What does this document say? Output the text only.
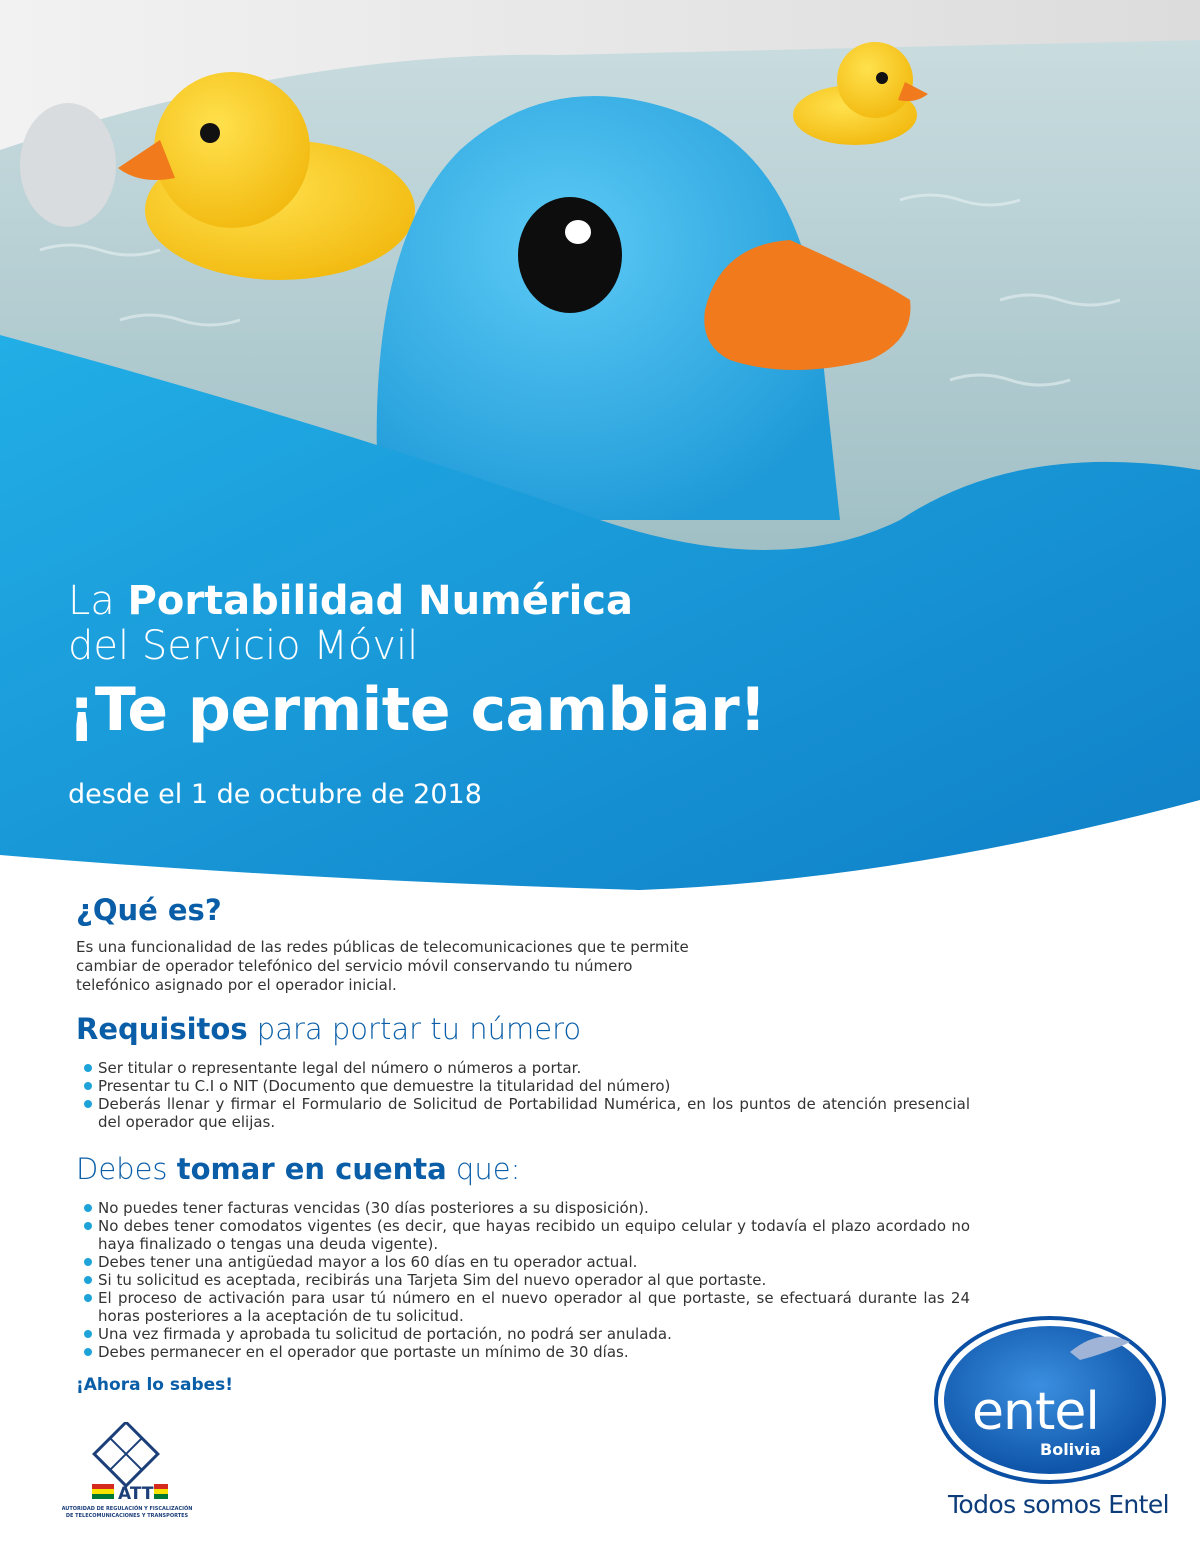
La Portabilidad Numérica
del Servicio Móvil
¡Te permite cambiar!
desde el 1 de octubre de 2018
¿Qué es?

Es una funcionalidad de las redes públicas de telecomunicaciones que te permite cambiar de operador telefónico del servicio móvil conservando tu número telefónico asignado por el operador inicial.

Requisitos para portar tu número
Ser titular o representante legal del número o números a portar.
Presentar tu C.I o NIT (Documento que demuestre la titularidad del número)
Deberás llenar y firmar el Formulario de Solicitud de Portabilidad Numérica, en los puntos de atención presencial del operador que elijas.
Debes tomar en cuenta que:
No puedes tener facturas vencidas (30 días posteriores a su disposición).
No debes tener comodatos vigentes (es decir, que hayas recibido un equipo celular y todavía el plazo acordado no haya finalizado o tengas una deuda vigente).
Debes tener una antigüedad mayor a los 60 días en tu operador actual.
Si tu solicitud es aceptada, recibirás una Tarjeta Sim del nuevo operador al que portaste.
El proceso de activación para usar tú número en el nuevo operador al que portaste, se efectuará durante las 24 horas posteriores a la aceptación de tu solicitud.
Una vez firmada y aprobada tu solicitud de portación, no podrá ser anulada.
Debes permanecer en el operador que portaste un mínimo de 30 días.
¡Ahora lo sabes!
ATT
AUTORIDAD DE REGULACIÓN Y FISCALIZACIÓN
DE TELECOMUNICACIONES Y TRANSPORTES
entel
Bolivia
Todos somos Entel
